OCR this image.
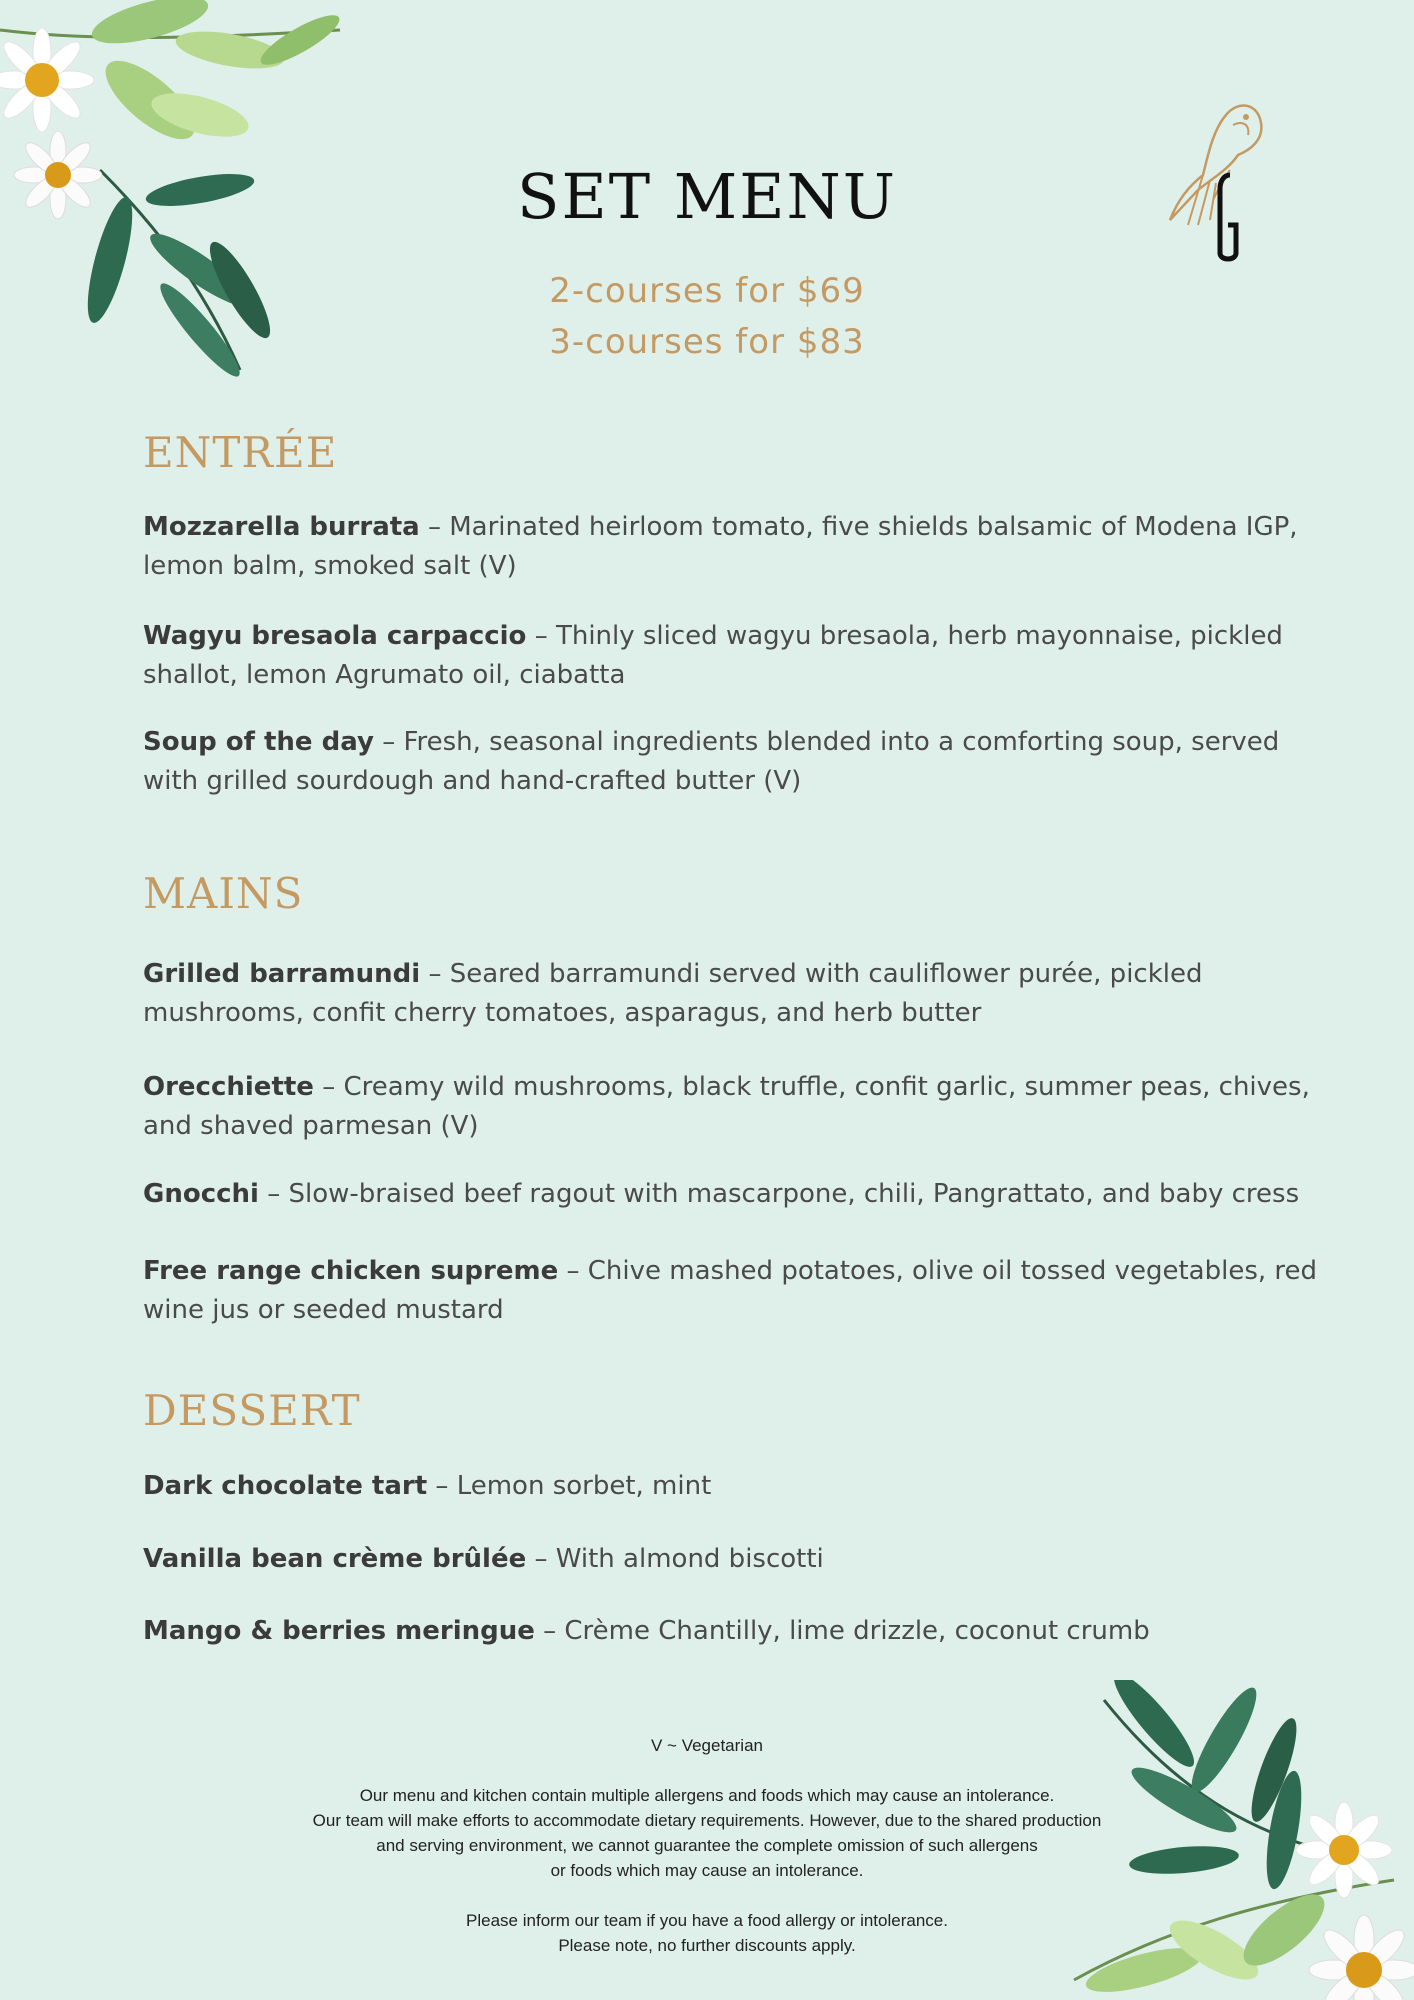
SET MENU
2-courses for $69
3-courses for $83
ENTRÉE

Mozzarella burrata – Marinated heirloom tomato, five shields balsamic of Modena IGP, lemon balm, smoked salt (V)

Wagyu bresaola carpaccio – Thinly sliced wagyu bresaola, herb mayonnaise, pickled shallot, lemon Agrumato oil, ciabatta

Soup of the day – Fresh, seasonal ingredients blended into a comforting soup, served with grilled sourdough and hand-crafted butter (V)

MAINS

Grilled barramundi – Seared barramundi served with cauliflower purée, pickled mushrooms, confit cherry tomatoes, asparagus, and herb butter

Orecchiette – Creamy wild mushrooms, black truffle, confit garlic, summer peas, chives, and shaved parmesan (V)

Gnocchi – Slow-braised beef ragout with mascarpone, chili, Pangrattato, and baby cress

Free range chicken supreme – Chive mashed potatoes, olive oil tossed vegetables, red wine jus or seeded mustard

DESSERT

Dark chocolate tart – Lemon sorbet, mint

Vanilla bean crème brûlée – With almond biscotti

Mango & berries meringue – Crème Chantilly, lime drizzle, coconut crumb

V ~ Vegetarian
Our menu and kitchen contain multiple allergens and foods which may cause an intolerance.
Our team will make efforts to accommodate dietary requirements. However, due to the shared production
and serving environment, we cannot guarantee the complete omission of such allergens
or foods which may cause an intolerance.
Please inform our team if you have a food allergy or intolerance.
Please note, no further discounts apply.
